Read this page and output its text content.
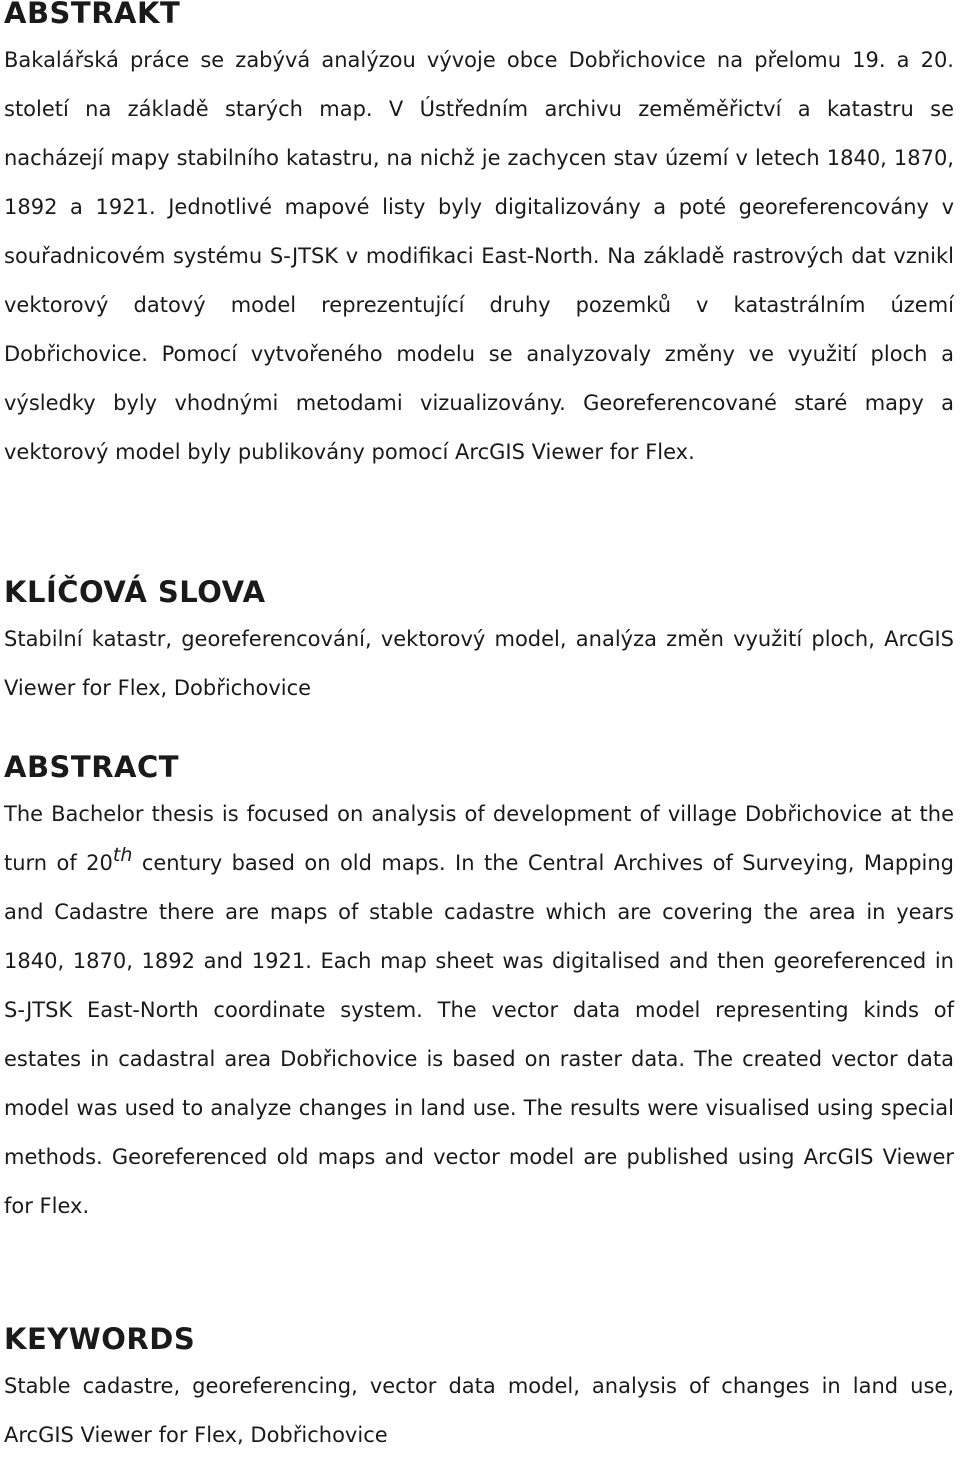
ABSTRAKT

Bakalářská práce se zabývá analýzou vývoje obce Dobřichovice na přelomu 19. a 20. století na základě starých map. V Ústředním archivu zeměměřictví a katastru se nacházejí mapy stabilního katastru, na nichž je zachycen stav území v letech 1840, 1870, 1892 a 1921. Jednotlivé mapové listy byly digitalizovány a poté georeferencovány v souřadnicovém systému S-JTSK v modifikaci East-North. Na základě rastrových dat vznikl vektorový datový model reprezentující druhy pozemků v katastrálním území Dobřichovice. Pomocí vytvořeného modelu se analyzovaly změny ve využití ploch a výsledky byly vhodnými metodami vizualizovány. Georeferencované staré mapy a vektorový model byly publikovány pomocí ArcGIS Viewer for Flex.

KLÍČOVÁ SLOVA

Stabilní katastr, georeferencování, vektorový model, analýza změn využití ploch, ArcGIS Viewer for Flex, Dobřichovice

ABSTRACT

The Bachelor thesis is focused on analysis of development of village Dobřichovice at the turn of 20th century based on old maps. In the Central Archives of Surveying, Mapping and Cadastre there are maps of stable cadastre which are covering the area in years 1840, 1870, 1892 and 1921. Each map sheet was digitalised and then georeferenced in S-JTSK East-North coordinate system. The vector data model representing kinds of estates in cadastral area Dobřichovice is based on raster data. The created vector data model was used to analyze changes in land use. The results were visualised using special methods. Georeferenced old maps and vector model are published using ArcGIS Viewer for Flex.

KEYWORDS

Stable cadastre, georeferencing, vector data model, analysis of changes in land use, ArcGIS Viewer for Flex, Dobřichovice
